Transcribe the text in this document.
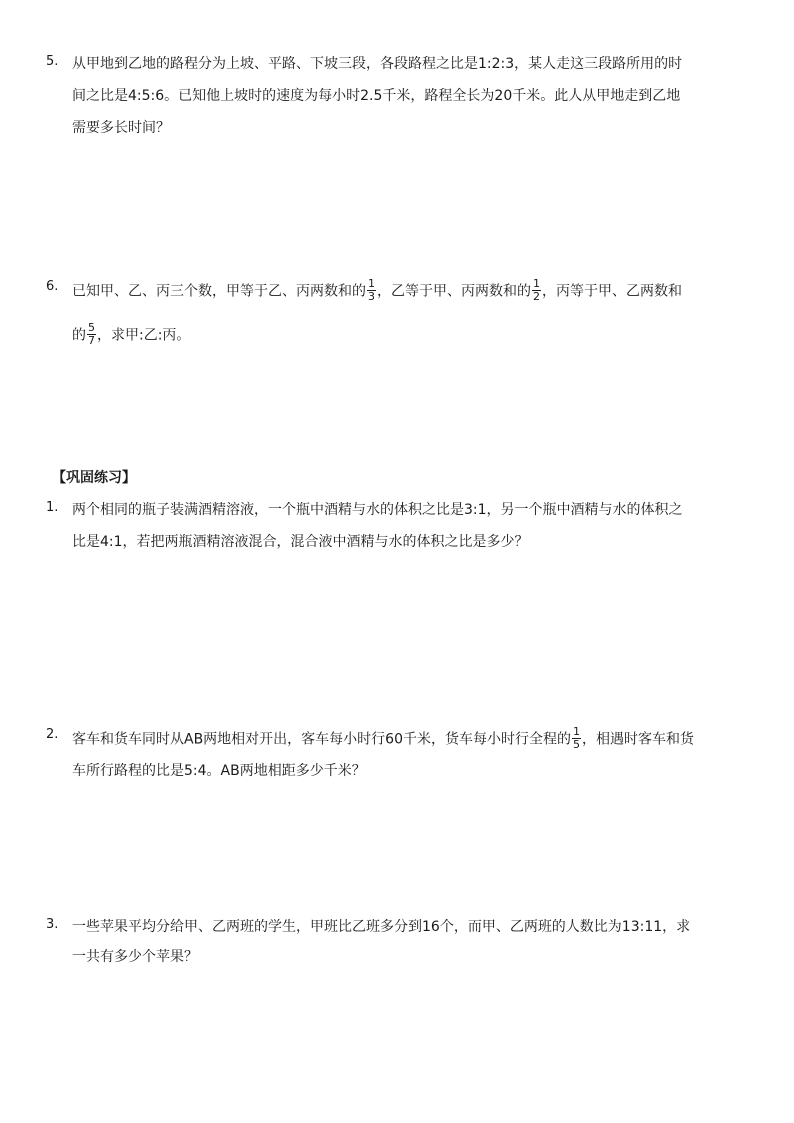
5. 从甲地到乙地的路程分为上坡、平路、下坡三段，各段路程之比是1:2:3，某人走这三段路所用的时
间之比是4:5:6。已知他上坡时的速度为每小时2.5千米，路程全长为20千米。此人从甲地走到乙地
需要多长时间？
6. 已知甲、乙、丙三个数，甲等于乙、丙两数和的 $\frac{1}{3}$ ，乙等于甲、丙两数和的 $\frac{1}{2}$ ，丙等于甲、乙两数和
的 $\frac{5}{7}$ ，求甲:乙:丙。
【巩固练习】
1. 两个相同的瓶子装满酒精溶液，一个瓶中酒精与水的体积之比是3:1，另一个瓶中酒精与水的体积之
比是4:1，若把两瓶酒精溶液混合，混合液中酒精与水的体积之比是多少？
2. 客车和货车同时从AB两地相对开出，客车每小时行60千米，货车每小时行全程的 $\frac{1}{5}$ ，相遇时客车和货
车所行路程的比是5:4。AB两地相距多少千米？
3. 一些苹果平均分给甲、乙两班的学生，甲班比乙班多分到16个，而甲、乙两班的人数比为13:11，求
一共有多少个苹果？
